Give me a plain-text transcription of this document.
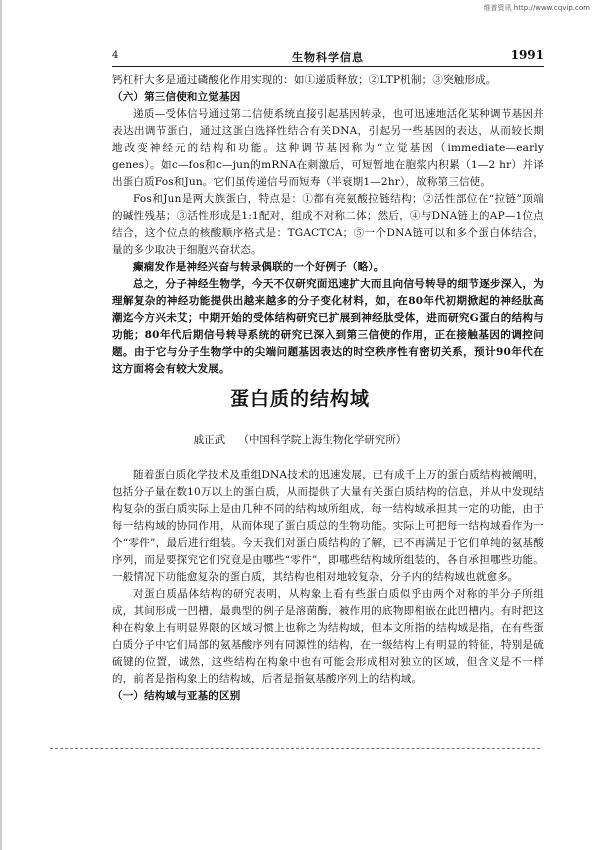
维普资讯 http://www.cqvip.com
4	生物科学信息	1991

钙杠杆大多是通过磷酸化作用实现的：如①递质释放；②LTP机制；③突触形成。

（六）第三信使和立觉基因

递质—受体信号通过第二信使系统直接引起基因转录，也可迅速地活化某种调节基因并表达出调节蛋白，通过这蛋白选择性结合有关DNA，引起另一些基因的表达，从而较长期地改变神经元的结构和功能。这种调节基因称为“立觉基因（immediate—early genes）。如c—fos和c—jun的mRNA在刺激后，可短暂地在胞浆内积累（1—2 hr）并译出蛋白质Fos和Jun。它们虽传递信号而短寿（半衰期1—2hr），故称第三信使。

Fos和Jun是两大族蛋白，特点是：①都有亮氨酸拉链结构；②活性部位在“拉链”顶端的碱性残基；③活性形成是1:1配对，组成不对称二体；然后，④与DNA链上的AP—1位点结合，这个位点的核酸顺序格式是：TGACTCA；⑤一个DNA链可以和多个蛋白体结合，量的多少取决于细胞兴奋状态。

癫痫发作是神经兴奋与转录偶联的一个好例子（略）。

总之，分子神经生物学，今天不仅研究面迅速扩大而且向信号转导的细节逐步深入，为理解复杂的神经功能提供出越来越多的分子变化材料，如，在80年代初期掀起的神经肽高潮迄今方兴未艾；中期开始的受体结构研究已扩展到神经肽受体，进而研究G蛋白的结构与功能；80年代后期信号转导系统的研究已深入到第三信使的作用，正在接触基因的调控问题。由于它与分子生物学中的尖端问题基因表达的时空秩序性有密切关系，预计90年代在这方面将会有较大发展。

蛋白质的结构域
戚正武 （中国科学院上海生物化学研究所）

随着蛋白质化学技术及重组DNA技术的迅速发展，已有成千上万的蛋白质结构被阐明，包括分子量在数10万以上的蛋白质，从而提供了大量有关蛋白质结构的信息，并从中发现结构复杂的蛋白质实际上是由几种不同的结构域所组成，每一结构域承担其一定的功能，由于每一结构域的协同作用，从而体现了蛋白质总的生物功能。实际上可把每一结构域看作为一个“零件”，最后进行组装。今天我们对蛋白质结构的了解，已不再满足于它们单纯的氨基酸序列，而是要探究它们究竟是由哪些“零件”，即哪些结构域所组装的，各自承担哪些功能。一般情况下功能愈复杂的蛋白质，其结构也相对地较复杂，分子内的结构域也就愈多。

对蛋白质晶体结构的研究表明，从构象上看有些蛋白质似乎由两个对称的半分子所组成，其间形成一凹槽，最典型的例子是溶菌酶，被作用的底物即相嵌在此凹槽内。有时把这种在构象上有明显界限的区域习惯上也称之为结构域，但本文所指的结构域是指，在有些蛋白质分子中它们局部的氨基酸序列有同源性的结构，在一级结构上有明显的特征，特别是硫硫键的位置，诚然，这些结构在构象中也有可能会形成相对独立的区域，但含义是不一样的，前者是指构象上的结构域，后者是指氨基酸序列上的结构域。

（一）结构域与亚基的区别
